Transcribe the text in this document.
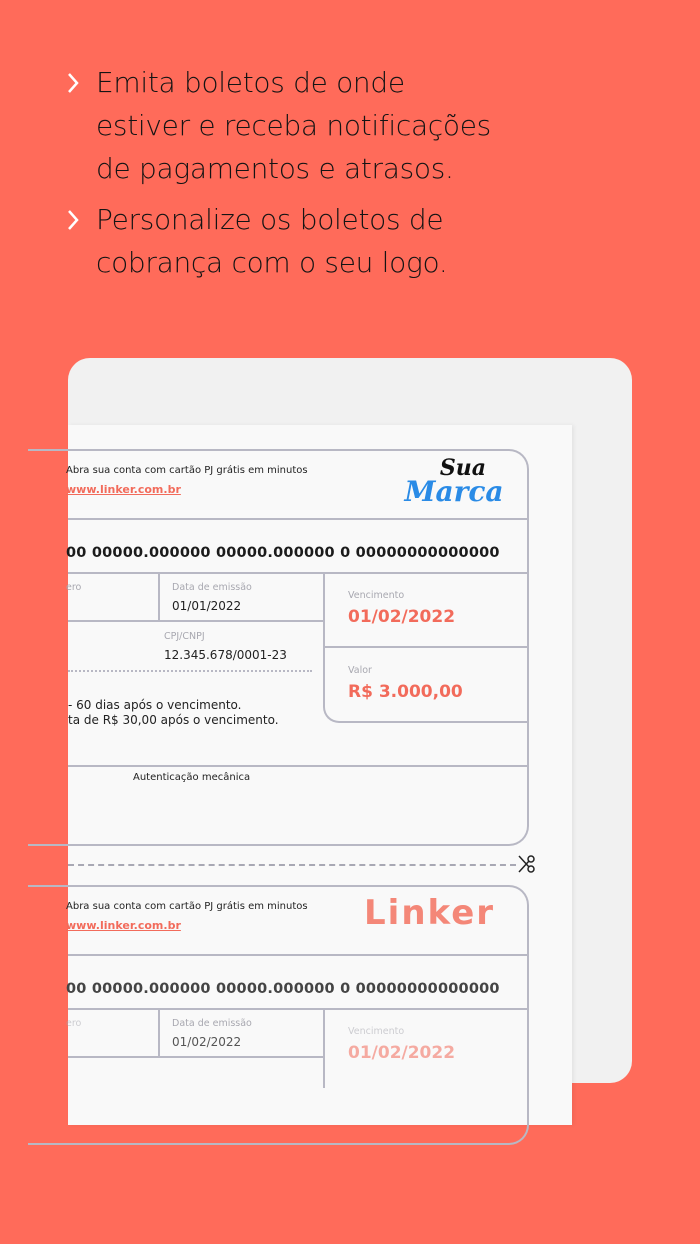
Emita boletos de onde
estiver e receba notificações
de pagamentos e atrasos.
Personalize os boletos de
cobrança com o seu logo.
Abra sua conta com cartão PJ grátis em minutos
www.linker.com.br
Sua
Marca
00 00000.000000 00000.000000 0 00000000000000
ero	Data de emissão
01/01/2022
CPJ/CNPJ
12.345.678/0001-23
- 60 dias após o vencimento.
ta de R$ 30,00 após o vencimento.
Vencimento
01/02/2022
Valor
R$ 3.000,00
Autenticação mecânica
Abra sua conta com cartão PJ grátis em minutos
www.linker.com.br	Linker
00 00000.000000 00000.000000 0 00000000000000
ero	Data de emissão
01/02/2022
Vencimento
01/02/2022
